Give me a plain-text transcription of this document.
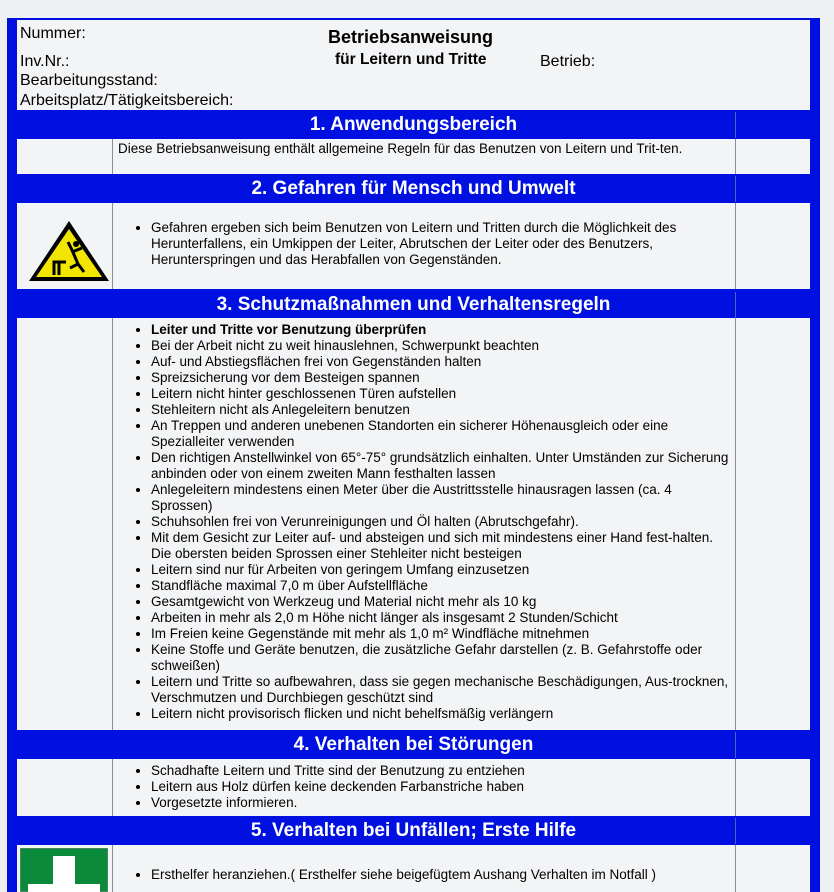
Nummer:
Inv.Nr.:
Bearbeitungsstand:
Arbeitsplatz/Tätigkeitsbereich:
Betriebsanweisung
für Leitern und Tritte	Betrieb:
1. Anwendungsbereich
Diese Betriebsanweisung enthält allgemeine Regeln für das Benutzen von Leitern und Trit-ten.
2. Gefahren für Mensch und Umwelt
• Gefahren ergeben sich beim Benutzen von Leitern und Tritten durch die Möglichkeit des Herunterfallens, ein Umkippen der Leiter, Abrutschen der Leiter oder des Benutzers, Herunterspringen und das Herabfallen von Gegenständen.
3. Schutzmaßnahmen und Verhaltensregeln
• Leiter und Tritte vor Benutzung überprüfen
• Bei der Arbeit nicht zu weit hinauslehnen, Schwerpunkt beachten
• Auf- und Abstiegsflächen frei von Gegenständen halten
• Spreizsicherung vor dem Besteigen spannen
• Leitern nicht hinter geschlossenen Türen aufstellen
• Stehleitern nicht als Anlegeleitern benutzen
• An Treppen und anderen unebenen Standorten ein sicherer Höhenausgleich oder eine Spezialleiter verwenden
• Den richtigen Anstellwinkel von 65°-75° grundsätzlich einhalten. Unter Umständen zur Sicherung anbinden oder von einem zweiten Mann festhalten lassen
• Anlegeleitern mindestens einen Meter über die Austrittsstelle hinausragen lassen (ca. 4 Sprossen)
• Schuhsohlen frei von Verunreinigungen und Öl halten (Abrutschgefahr).
• Mit dem Gesicht zur Leiter auf- und absteigen und sich mit mindestens einer Hand fest-halten. Die obersten beiden Sprossen einer Stehleiter nicht besteigen
• Leitern sind nur für Arbeiten von geringem Umfang einzusetzen
• Standfläche maximal 7,0 m über Aufstellfläche
• Gesamtgewicht von Werkzeug und Material nicht mehr als 10 kg
• Arbeiten in mehr als 2,0 m Höhe nicht länger als insgesamt 2 Stunden/Schicht
• Im Freien keine Gegenstände mit mehr als 1,0 m² Windfläche mitnehmen
• Keine Stoffe und Geräte benutzen, die zusätzliche Gefahr darstellen (z. B. Gefahrstoffe oder schweißen)
• Leitern und Tritte so aufbewahren, dass sie gegen mechanische Beschädigungen, Aus-trocknen, Verschmutzen und Durchbiegen geschützt sind
• Leitern nicht provisorisch flicken und nicht behelfsmäßig verlängern
4. Verhalten bei Störungen
• Schadhafte Leitern und Tritte sind der Benutzung zu entziehen
• Leitern aus Holz dürfen keine deckenden Farbanstriche haben
• Vorgesetzte informieren.
5. Verhalten bei Unfällen; Erste Hilfe
• Ersthelfer heranziehen.( Ersthelfer siehe beigefügtem Aushang Verhalten im Notfall )
